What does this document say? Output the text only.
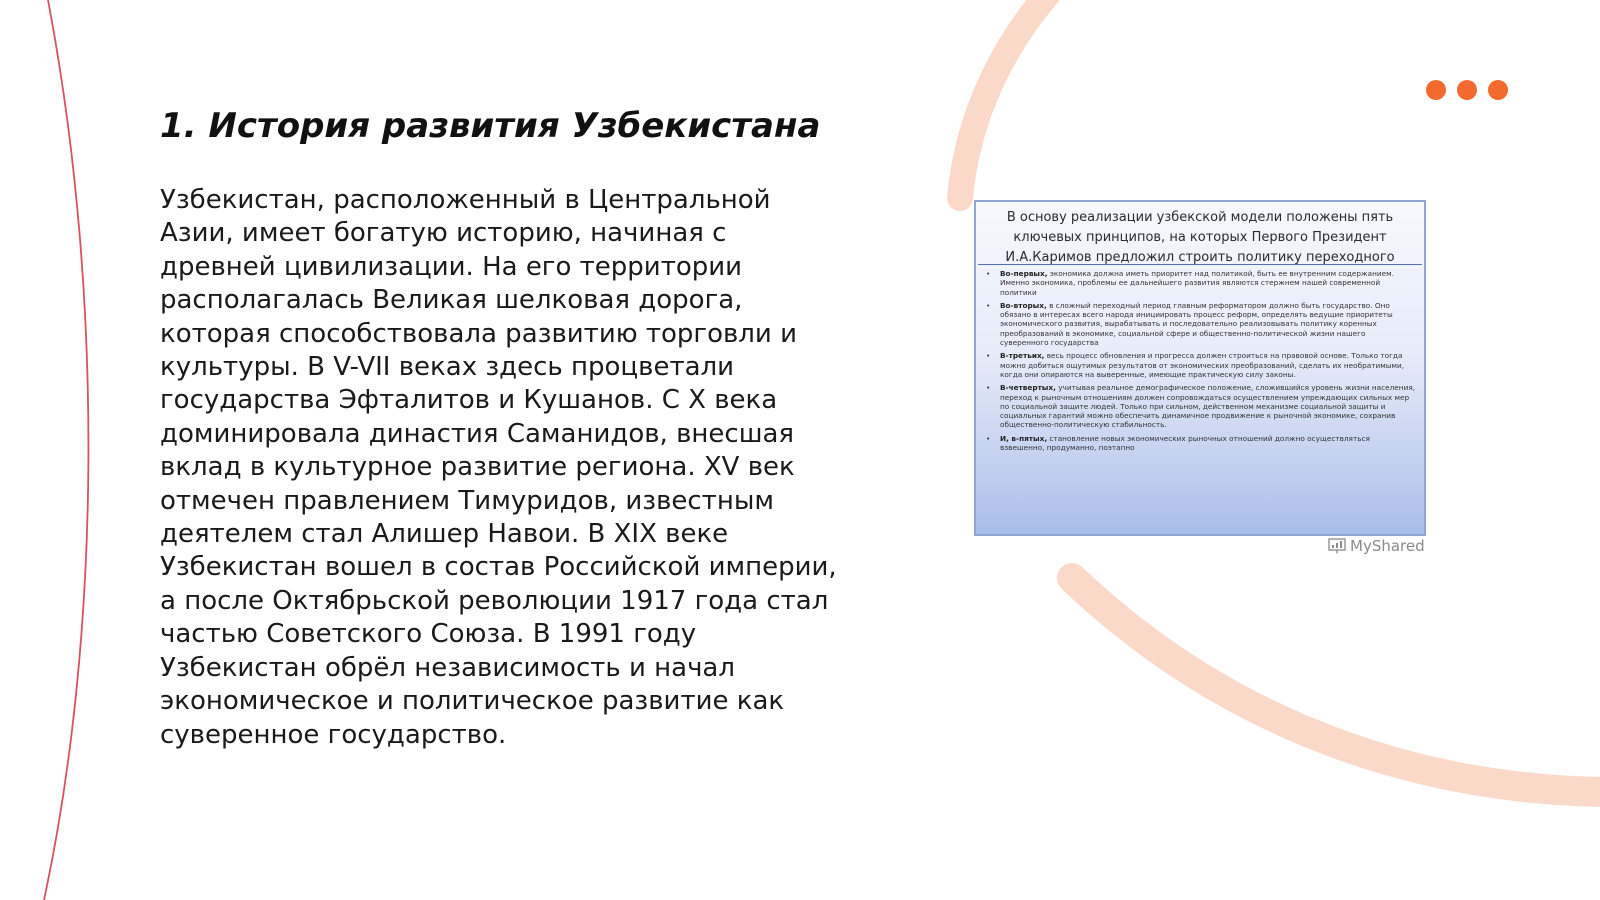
1. История развития Узбекистана

Узбекистан, расположенный в Центральной Азии, имеет богатую историю, начиная с древней цивилизации. На его территории располагалась Великая шелковая дорога, которая способствовала развитию торговли и культуры. В V-VII веках здесь процветали государства Эфталитов и Кушанов. С X века доминировала династия Саманидов, внесшая вклад в культурное развитие региона. XV век отмечен правлением Тимуридов, известным деятелем стал Алишер Навои. В XIX веке Узбекистан вошел в состав Российской империи, а после Октябрьской революции 1917 года стал частью Советского Союза. В 1991 году Узбекистан обрёл независимость и начал экономическое и политическое развитие как суверенное государство.

В основу реализации узбекской модели положены пять ключевых принципов, на которых Первого Президент И.А.Каримов предложил строить политику переходного

• Во-первых, экономика должна иметь приоритет над политикой, быть ее внутренним содержанием. Именно экономика, проблемы ее дальнейшего развития являются стержнем нашей современной политики
• Во-вторых, в сложный переходный период главным реформатором должно быть государство. Оно обязано в интересах всего народа инициировать процесс реформ, определять ведущие приоритеты экономического развития, вырабатывать и последовательно реализовывать политику коренных преобразований в экономике, социальной сфере и общественно-политической жизни нашего суверенного государства
• В-третьих, весь процесс обновления и прогресса должен строиться на правовой основе. Только тогда можно добиться ощутимых результатов от экономических преобразований, сделать их необратимыми, когда они опираются на выверенные, имеющие практическую силу законы.
• В-четвертых, учитывая реальное демографическое положение, сложившийся уровень жизни населения, переход к рыночным отношениям должен сопровождаться осуществлением упреждающих сильных мер по социальной защите людей. Только при сильном, действенном механизме социальной защиты и социальных гарантий можно обеспечить динамичное продвижение к рыночной экономике, сохранив общественно-политическую стабильность.
• И, в-пятых, становление новых экономических рыночных отношений должно осуществляться взвешенно, продуманно, поэтапно
MyShared
